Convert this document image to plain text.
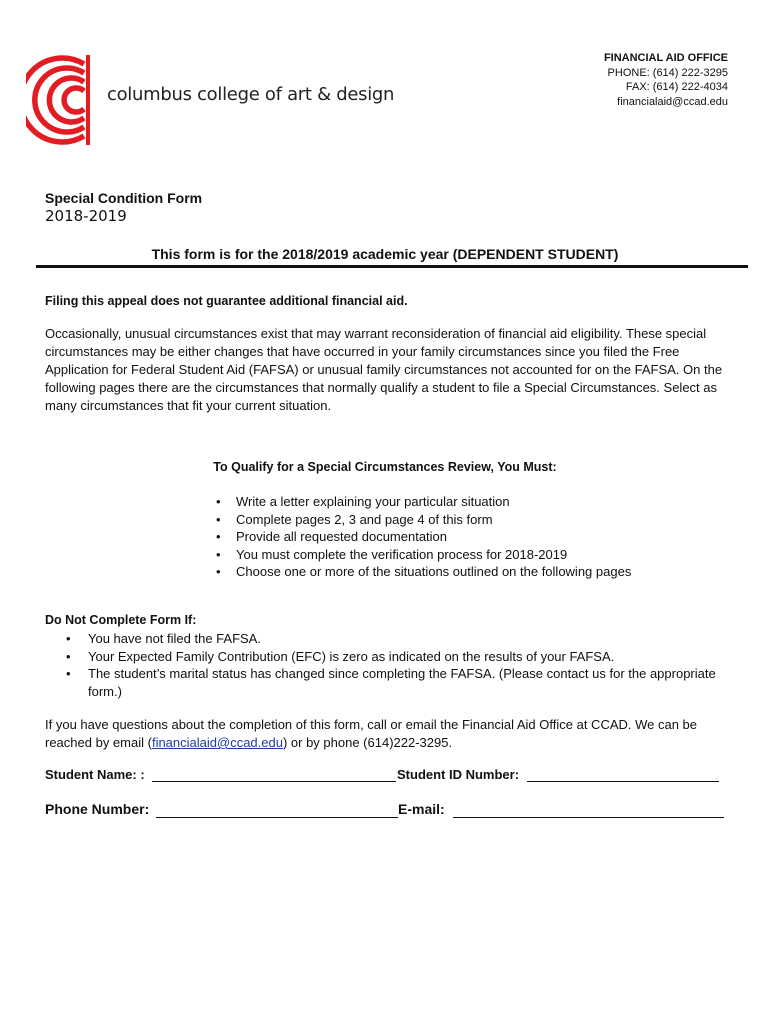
columbus college of art & design
FINANCIAL AID OFFICE
PHONE: (614) 222-3295
FAX: (614) 222-4034
financialaid@ccad.edu
Special Condition Form
2018-2019
This form is for the 2018/2019 academic year (DEPENDENT STUDENT)
Filing this appeal does not guarantee additional financial aid.
Occasionally, unusual circumstances exist that may warrant reconsideration of financial aid eligibility. These special circumstances may be either changes that have occurred in your family circumstances since you filed the Free Application for Federal Student Aid (FAFSA) or unusual family circumstances not accounted for on the FAFSA. On the following pages there are the circumstances that normally qualify a student to file a Special Circumstances. Select as many circumstances that fit your current situation.
To Qualify for a Special Circumstances Review, You Must:
• Write a letter explaining your particular situation
• Complete pages 2, 3 and page 4 of this form
• Provide all requested documentation
• You must complete the verification process for 2018-2019
• Choose one or more of the situations outlined on the following pages
Do Not Complete Form If:
• You have not filed the FAFSA.
• Your Expected Family Contribution (EFC) is zero as indicated on the results of your FAFSA.
• The student’s marital status has changed since completing the FAFSA. (Please contact us for the appropriate form.)
If you have questions about the completion of this form, call or email the Financial Aid Office at CCAD. We can be reached by email (financialaid@ccad.edu) or by phone (614)222-3295.
Student Name: :	Student ID Number:
Phone Number:	E-mail:
